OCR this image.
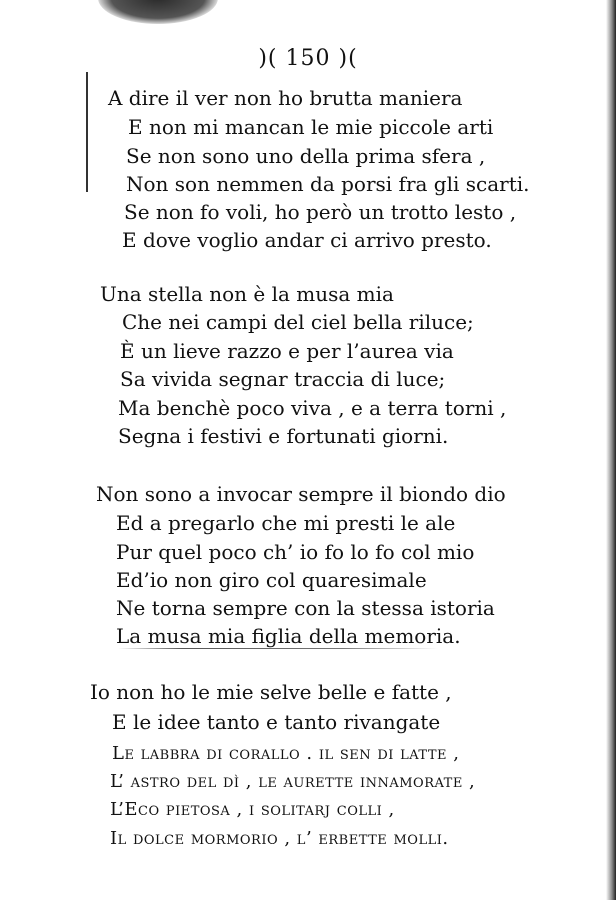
)( 150 )(
A dire il ver non ho brutta maniera
E non mi mancan le mie piccole arti
Se non sono uno della prima sfera ,
Non son nemmen da porsi fra gli scarti.
Se non fo voli, ho però un trotto lesto ,
E dove voglio andar ci arrivo presto.
Una stella non è la musa mia
Che nei campi del ciel bella riluce;
È un lieve razzo e per l’aurea via
Sa vivida segnar traccia di luce;
Ma benchè poco viva , e a terra torni ,
Segna i festivi e fortunati giorni.
Non sono a invocar sempre il biondo dio
Ed a pregarlo che mi presti le ale
Pur quel poco ch’ io fo lo fo col mio
Ed’io non giro col quaresimale
Ne torna sempre con la stessa istoria
La musa mia figlia della memoria.
Io non ho le mie selve belle e fatte ,
E le idee tanto e tanto rivangate
Le labbra di corallo . il sen di latte ,
L’ astro del dì , le aurette innamorate ,
L’Eco pietosa , i solitarj colli ,
Il dolce mormorio , l’ erbette molli.
